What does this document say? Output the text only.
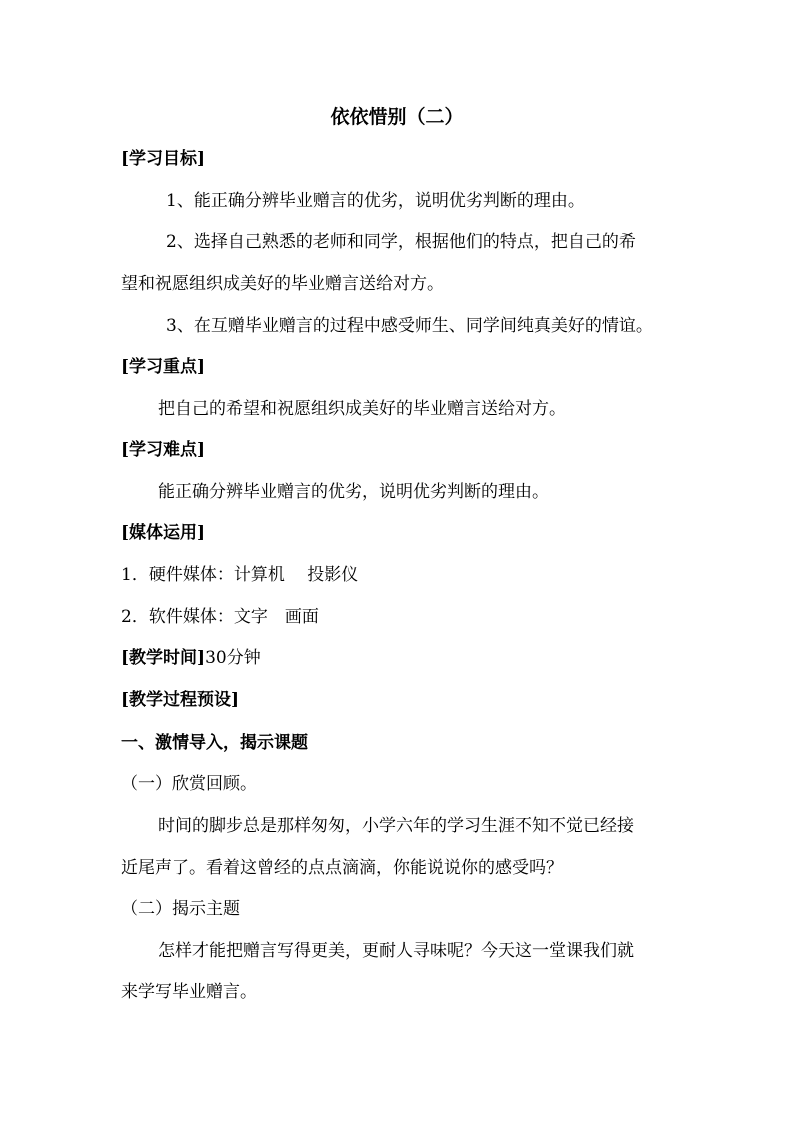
依依惜别（二）
[学习目标]
1、能正确分辨毕业赠言的优劣，说明优劣判断的理由。
2、选择自己熟悉的老师和同学，根据他们的特点，把自己的希
望和祝愿组织成美好的毕业赠言送给对方。
3、在互赠毕业赠言的过程中感受师生、同学间纯真美好的情谊。
[学习重点]
把自己的希望和祝愿组织成美好的毕业赠言送给对方。
[学习难点]
能正确分辨毕业赠言的优劣，说明优劣判断的理由。
[媒体运用]
1．硬件媒体：计算机　 投影仪
2．软件媒体：文字　画面
[教学时间]30分钟
[教学过程预设]
一、激情导入，揭示课题
（一）欣赏回顾。
时间的脚步总是那样匆匆，小学六年的学习生涯不知不觉已经接
近尾声了。看着这曾经的点点滴滴，你能说说你的感受吗？
（二）揭示主题
怎样才能把赠言写得更美，更耐人寻味呢？今天这一堂课我们就
来学写毕业赠言。
